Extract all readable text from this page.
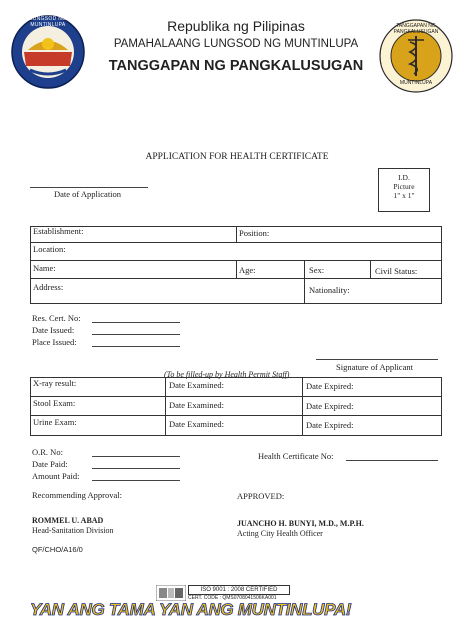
LUNGSOD NG MUNTINLUPA	TANGGAPAN NG PANGKALUSUGAN
MUNTINLUPA
Republika ng Pilipinas
PAMAHALAANG LUNGSOD NG MUNTINLUPA
TANGGAPAN NG PANGKALUSUGAN
APPLICATION FOR HEALTH CERTIFICATE
Date of Application
I.D.
Picture
1" x 1"
Establishment:	Position:
Location:
Name:	Age:	Sex:	Civil Status:
Address:	Nationality:
Res. Cert. No:
Date Issued:
Place Issued:
Signature of Applicant
(To be filled-up by Health Permit Staff)
X-ray result:	Date Examined:	Date Expired:
Stool Exam:	Date Examined:	Date Expired:
Urine Exam:	Date Examined:	Date Expired:
O.R. No:
Date Paid:
Amount Paid:
Health Certificate No:
Recommending Approval:	APPROVED:
ROMMEL U. ABAD
Head-Sanitation Division
JUANCHO H. BUNYI, M.D., M.P.H.
Acting City Health Officer
QF/CHO/A16/0
ISO 9001 : 2008 CERTIFIED
CERT. CODE : QMS0708041506KA001
YAN ANG TAMA YAN ANG MUNTINLUPA!
